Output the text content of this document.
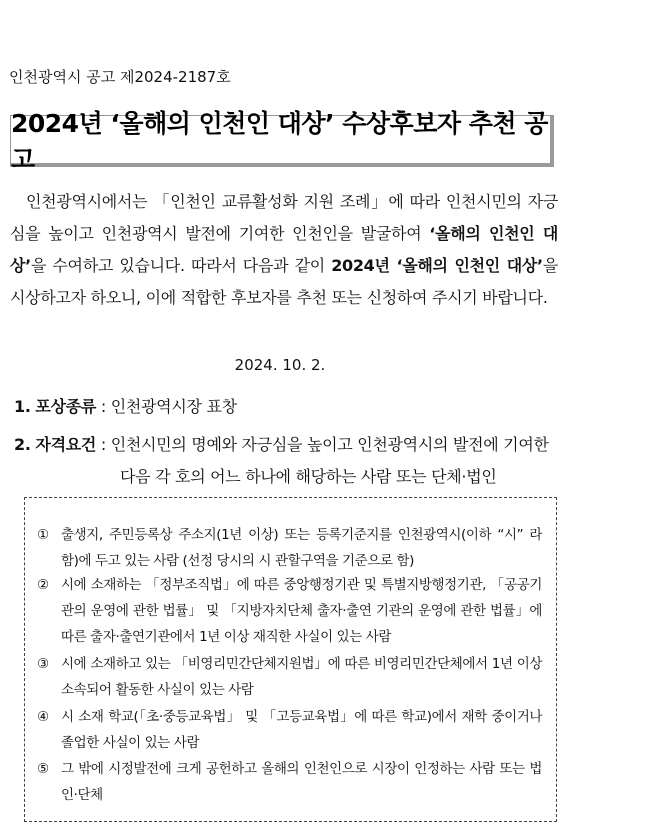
인천광역시 공고 제2024-2187호
2024년 ‘올해의 인천인 대상’ 수상후보자 추천 공고
인천광역시에서는 「인천인 교류활성화 지원 조례」에 따라 인천시민의 자긍심을 높이고 인천광역시 발전에 기여한 인천인을 발굴하여 ‘올해의 인천인 대상’을 수여하고 있습니다. 따라서 다음과 같이 2024년 ‘올해의 인천인 대상’을 시상하고자 하오니, 이에 적합한 후보자를 추천 또는 신청하여 주시기 바랍니다.
2024. 10. 2.
1. 포상종류 : 인천광역시장 표창
2. 자격요건 : 인천시민의 명예와 자긍심을 높이고 인천광역시의 발전에 기여한
다음 각 호의 어느 하나에 해당하는 사람 또는 단체·법인
① 출생지, 주민등록상 주소지(1년 이상) 또는 등록기준지를 인천광역시(이하 “시” 라 함)에 두고 있는 사람 (선정 당시의 시 관할구역을 기준으로 함)
② 시에 소재하는 「정부조직법」에 따른 중앙행정기관 및 특별지방행정기관, 「공공기관의 운영에 관한 법률」 및 「지방자치단체 출자·출연 기관의 운영에 관한 법률」에 따른 출자·출연기관에서 1년 이상 재직한 사실이 있는 사람
③ 시에 소재하고 있는 「비영리민간단체지원법」에 따른 비영리민간단체에서 1년 이상 소속되어 활동한 사실이 있는 사람
④ 시 소재 학교(「초·중등교육법」 및 「고등교육법」에 따른 학교)에서 재학 중이거나 졸업한 사실이 있는 사람
⑤ 그 밖에 시정발전에 크게 공헌하고 올해의 인천인으로 시장이 인정하는 사람 또는 법인·단체
